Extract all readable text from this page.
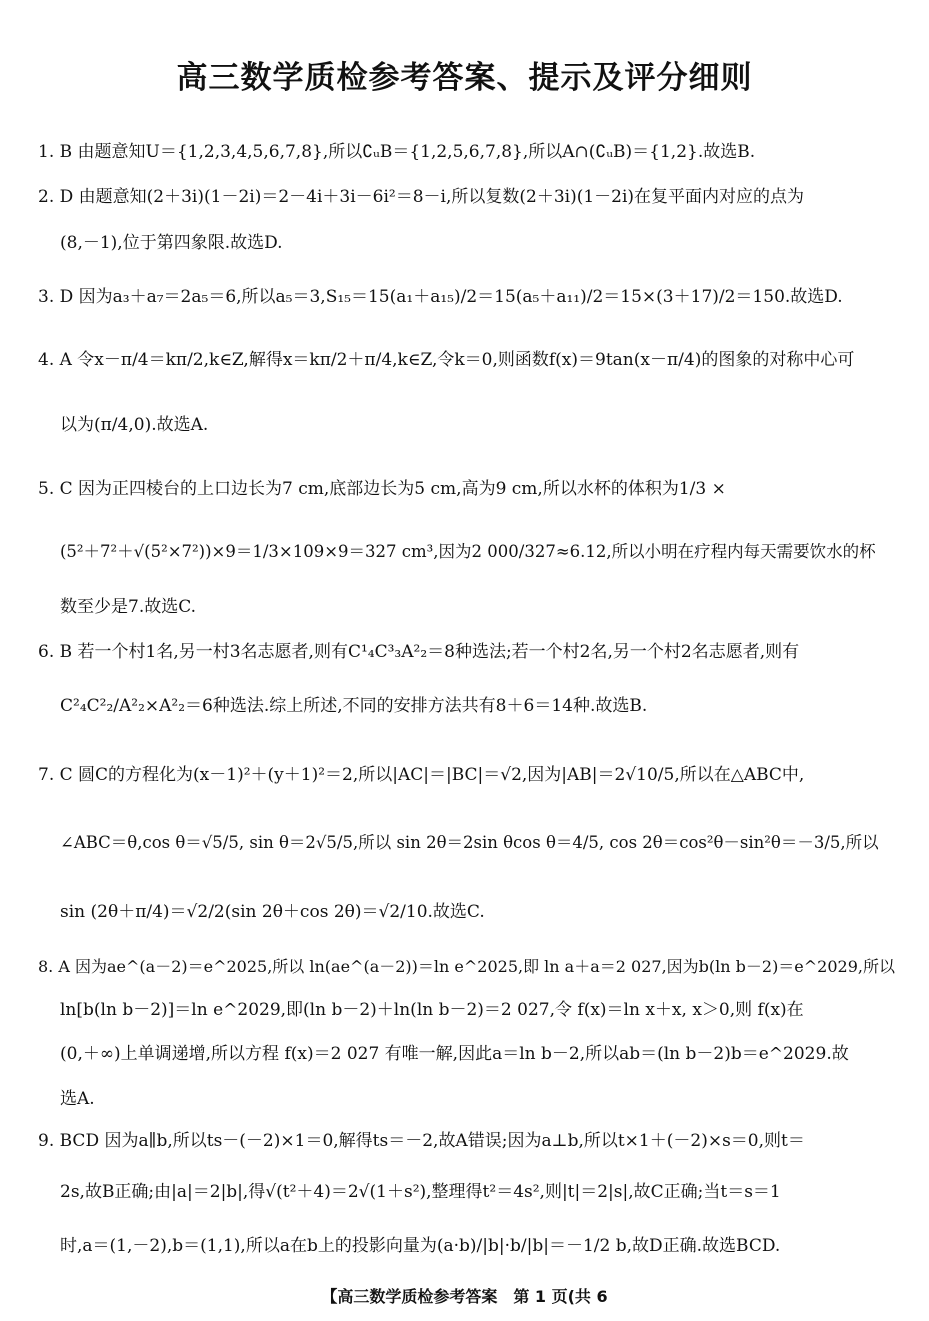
高三数学质检参考答案、提示及评分细则
1. B 由题意知U＝{1,2,3,4,5,6,7,8},所以∁ᵤB＝{1,2,5,6,7,8},所以A∩(∁ᵤB)＝{1,2}.故选B.
2. D 由题意知(2＋3i)(1－2i)＝2－4i＋3i－6i²＝8－i,所以复数(2＋3i)(1－2i)在复平面内对应的点为
(8,－1),位于第四象限.故选D.
3. D 因为a₃＋a₇＝2a₅＝6,所以a₅＝3,S₁₅＝15(a₁＋a₁₅)/2＝15(a₅＋a₁₁)/2＝15×(3＋17)/2＝150.故选D.
4. A 令x－π/4＝kπ/2,k∈Z,解得x＝kπ/2＋π/4,k∈Z,令k＝0,则函数f(x)＝9tan(x－π/4)的图象的对称中心可
以为(π/4,0).故选A.
5. C 因为正四棱台的上口边长为7 cm,底部边长为5 cm,高为9 cm,所以水杯的体积为1/3 ×
(5²＋7²＋√(5²×7²))×9＝1/3×109×9＝327 cm³,因为2 000/327≈6.12,所以小明在疗程内每天需要饮水的杯
数至少是7.故选C.
6. B 若一个村1名,另一村3名志愿者,则有C¹₄C³₃A²₂＝8种选法;若一个村2名,另一个村2名志愿者,则有
C²₄C²₂/A²₂×A²₂＝6种选法.综上所述,不同的安排方法共有8＋6＝14种.故选B.
7. C 圆C的方程化为(x－1)²＋(y＋1)²＝2,所以|AC|＝|BC|＝√2,因为|AB|＝2√10/5,所以在△ABC中,
∠ABC＝θ,cos θ＝√5/5, sin θ＝2√5/5,所以 sin 2θ＝2sin θcos θ＝4/5, cos 2θ＝cos²θ－sin²θ＝－3/5,所以
sin (2θ＋π/4)＝√2/2(sin 2θ＋cos 2θ)＝√2/10.故选C.
8. A 因为ae^(a－2)＝e^2025,所以 ln(ae^(a－2))＝ln e^2025,即 ln a＋a＝2 027,因为b(ln b－2)＝e^2029,所以
ln[b(ln b－2)]＝ln e^2029,即(ln b－2)＋ln(ln b－2)＝2 027,令 f(x)＝ln x＋x, x＞0,则 f(x)在
(0,＋∞)上单调递增,所以方程 f(x)＝2 027 有唯一解,因此a＝ln b－2,所以ab＝(ln b－2)b＝e^2029.故
选A.
9. BCD 因为a∥b,所以ts－(－2)×1＝0,解得ts＝－2,故A错误;因为a⊥b,所以t×1＋(－2)×s＝0,则t＝
2s,故B正确;由|a|＝2|b|,得√(t²＋4)＝2√(1＋s²),整理得t²＝4s²,则|t|＝2|s|,故C正确;当t＝s＝1
时,a＝(1,－2),b＝(1,1),所以a在b上的投影向量为(a·b)/|b|·b/|b|＝－1/2 b,故D正确.故选BCD.
【高三数学质检参考答案　第 1 页(共 6
